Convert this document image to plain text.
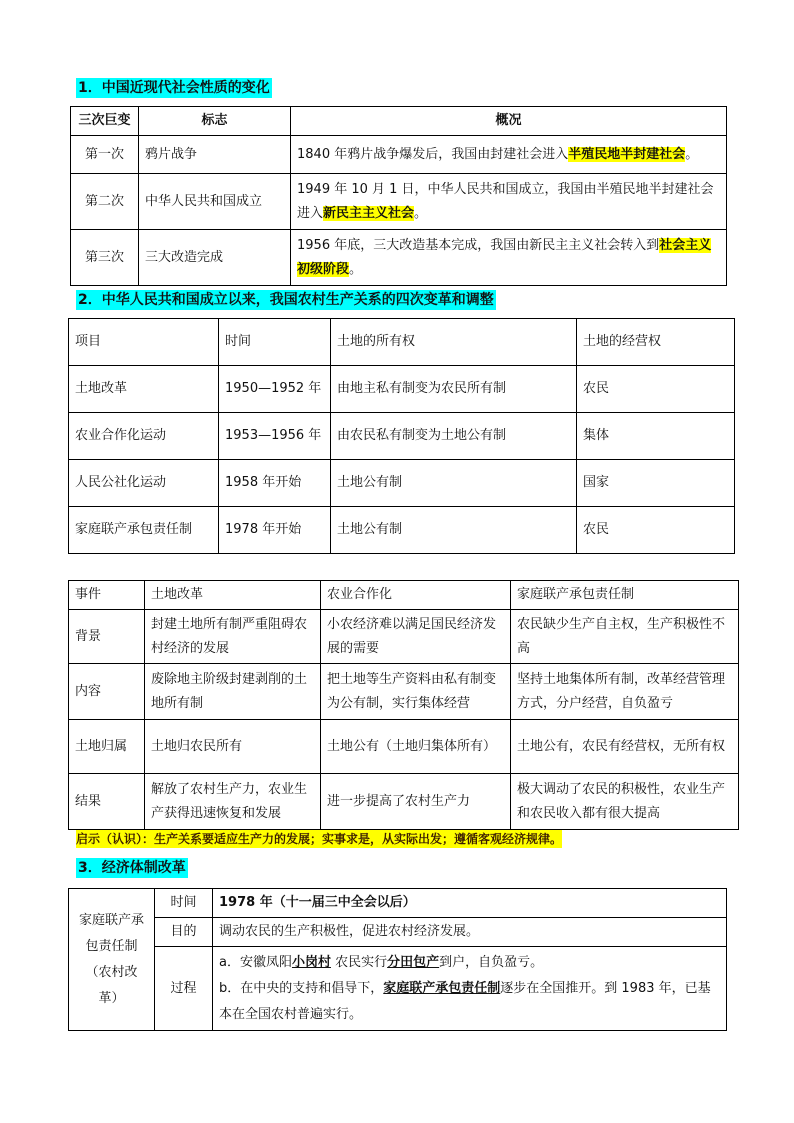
1．中国近现代社会性质的变化
三次巨变	标志	概况
第一次	鸦片战争	1840 年鸦片战争爆发后，我国由封建社会进入半殖民地半封建社会。
第二次	中华人民共和国成立	1949 年 10 月 1 日，中华人民共和国成立，我国由半殖民地半封建社会进入新民主主义社会。
第三次	三大改造完成	1956 年底，三大改造基本完成，我国由新民主主义社会转入到社会主义初级阶段。
2．中华人民共和国成立以来，我国农村生产关系的四次变革和调整
项目	时间	土地的所有权	土地的经营权
土地改革	1950—1952 年	由地主私有制变为农民所有制	农民
农业合作化运动	1953—1956 年	由农民私有制变为土地公有制	集体
人民公社化运动	1958 年开始	土地公有制	国家
家庭联产承包责任制	1978 年开始	土地公有制	农民
事件	土地改革	农业合作化	家庭联产承包责任制
背景	封建土地所有制严重阻碍农村经济的发展	小农经济难以满足国民经济发展的需要	农民缺少生产自主权，生产积极性不高
内容	废除地主阶级封建剥削的土地所有制	把土地等生产资料由私有制变为公有制，实行集体经营	坚持土地集体所有制，改革经营管理方式，分户经营，自负盈亏
土地归属	土地归农民所有	土地公有（土地归集体所有）	土地公有，农民有经营权，无所有权
结果	解放了农村生产力，农业生产获得迅速恢复和发展	进一步提高了农村生产力	极大调动了农民的积极性，农业生产和农民收入都有很大提高
启示（认识）：生产关系要适应生产力的发展；实事求是，从实际出发；遵循客观经济规律。
3．经济体制改革
家庭联产承包责任制（农村改革）	时间	1978 年（十一届三中全会以后）
	目的	调动农民的生产积极性，促进农村经济发展。
	过程	a．安徽凤阳小岗村 农民实行分田包产到户，自负盈亏。
b．在中央的支持和倡导下，家庭联产承包责任制逐步在全国推开。到 1983 年，已基本在全国农村普遍实行。
